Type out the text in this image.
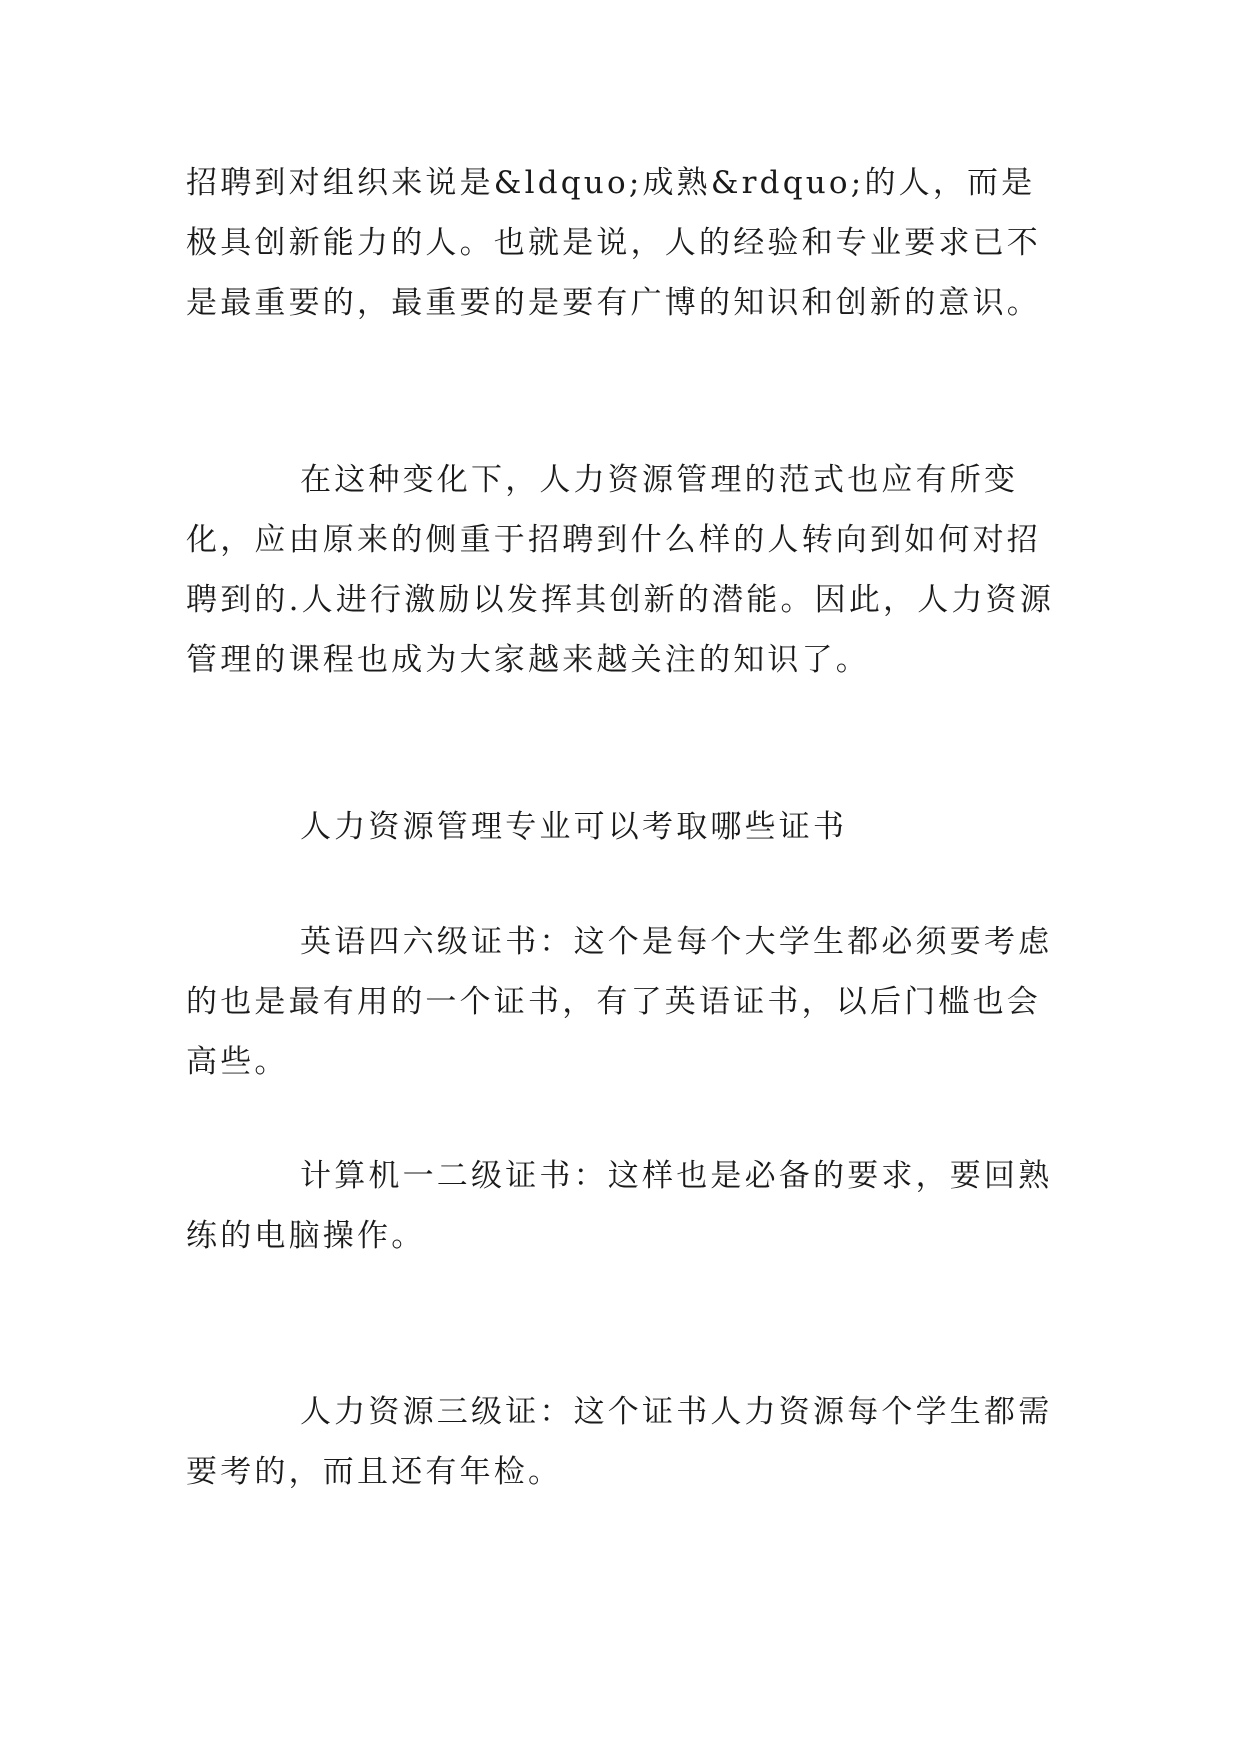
招聘到对组织来说是&ldquo;成熟&rdquo;的人，而是极具创新能力的人。也就是说，人的经验和专业要求已不是最重要的，最重要的是要有广博的知识和创新的意识。

在这种变化下，人力资源管理的范式也应有所变化，应由原来的侧重于招聘到什么样的人转向到如何对招聘到的.人进行激励以发挥其创新的潜能。因此，人力资源管理的课程也成为大家越来越关注的知识了。

人力资源管理专业可以考取哪些证书

英语四六级证书：这个是每个大学生都必须要考虑的也是最有用的一个证书，有了英语证书，以后门槛也会高些。

计算机一二级证书：这样也是必备的要求，要回熟练的电脑操作。

人力资源三级证：这个证书人力资源每个学生都需要考的，而且还有年检。
